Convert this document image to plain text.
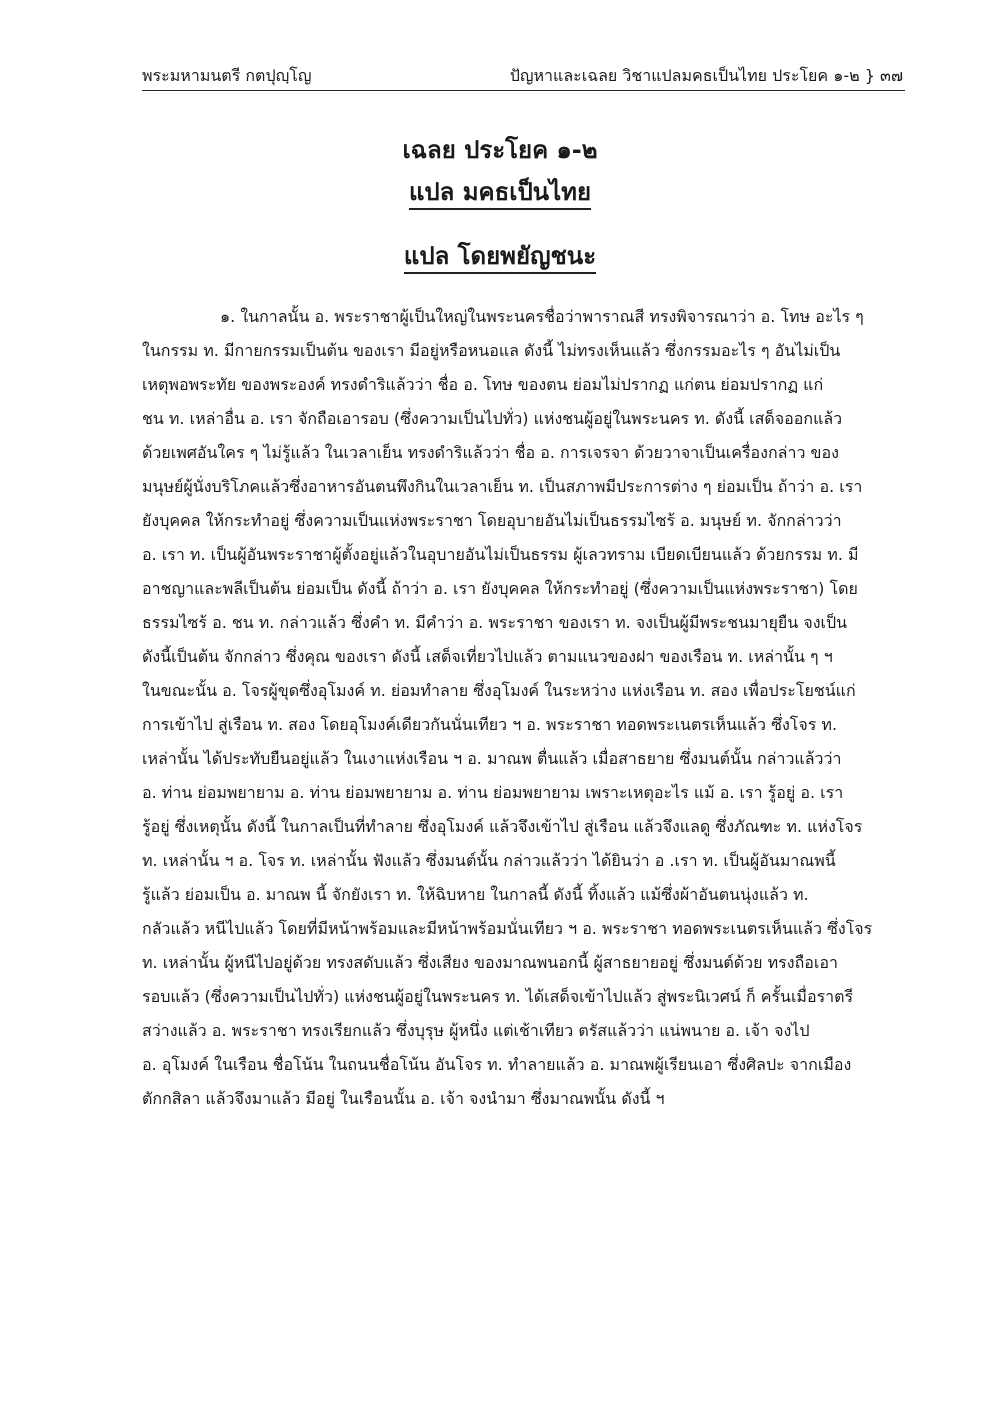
พระมหามนตรี กตปุญฺโญ	ปัญหาและเฉลย วิชาแปลมคธเป็นไทย ประโยค ๑-๒ } ๓๗
เฉลย ประโยค ๑-๒
แปล มคธเป็นไทย
แปล โดยพยัญชนะ
๑. ในกาลนั้น อ. พระราชาผู้เป็นใหญ่ในพระนครชื่อว่าพาราณสี ทรงพิจารณาว่า อ. โทษ อะไร ๆ
ในกรรม ท. มีกายกรรมเป็นต้น ของเรา มีอยู่หรือหนอแล ดังนี้ ไม่ทรงเห็นแล้ว ซึ่งกรรมอะไร ๆ อันไม่เป็น
เหตุพอพระทัย ของพระองค์ ทรงดำริแล้วว่า ชื่อ อ. โทษ ของตน ย่อมไม่ปรากฏ แก่ตน ย่อมปรากฏ แก่
ชน ท. เหล่าอื่น อ. เรา จักถือเอารอบ (ซึ่งความเป็นไปทั่ว) แห่งชนผู้อยู่ในพระนคร ท. ดังนี้ เสด็จออกแล้ว
ด้วยเพศอันใคร ๆ ไม่รู้แล้ว ในเวลาเย็น ทรงดำริแล้วว่า ชื่อ อ. การเจรจา ด้วยวาจาเป็นเครื่องกล่าว ของ
มนุษย์ผู้นั่งบริโภคแล้วซึ่งอาหารอันตนพึงกินในเวลาเย็น ท. เป็นสภาพมีประการต่าง ๆ ย่อมเป็น ถ้าว่า อ. เรา
ยังบุคคล ให้กระทำอยู่ ซึ่งความเป็นแห่งพระราชา โดยอุบายอันไม่เป็นธรรมไซร้ อ. มนุษย์ ท. จักกล่าวว่า
อ. เรา ท. เป็นผู้อันพระราชาผู้ตั้งอยู่แล้วในอุบายอันไม่เป็นธรรม ผู้เลวทราม เบียดเบียนแล้ว ด้วยกรรม ท. มี
อาชญาและพลีเป็นต้น ย่อมเป็น ดังนี้ ถ้าว่า อ. เรา ยังบุคคล ให้กระทำอยู่ (ซึ่งความเป็นแห่งพระราชา) โดย
ธรรมไซร้ อ. ชน ท. กล่าวแล้ว ซึ่งคำ ท. มีคำว่า อ. พระราชา ของเรา ท. จงเป็นผู้มีพระชนมายุยืน จงเป็น
ดังนี้เป็นต้น จักกล่าว ซึ่งคุณ ของเรา ดังนี้ เสด็จเที่ยวไปแล้ว ตามแนวของฝา ของเรือน ท. เหล่านั้น ๆ ฯ
ในขณะนั้น อ. โจรผู้ขุดซึ่งอุโมงค์ ท. ย่อมทำลาย ซึ่งอุโมงค์ ในระหว่าง แห่งเรือน ท. สอง เพื่อประโยชน์แก่
การเข้าไป สู่เรือน ท. สอง โดยอุโมงค์เดียวกันนั่นเทียว ฯ อ. พระราชา ทอดพระเนตรเห็นแล้ว ซึ่งโจร ท.
เหล่านั้น ได้ประทับยืนอยู่แล้ว ในเงาแห่งเรือน ฯ อ. มาณพ ตื่นแล้ว เมื่อสาธยาย ซึ่งมนต์นั้น กล่าวแล้วว่า
อ. ท่าน ย่อมพยายาม อ. ท่าน ย่อมพยายาม อ. ท่าน ย่อมพยายาม เพราะเหตุอะไร แม้ อ. เรา รู้อยู่ อ. เรา
รู้อยู่ ซึ่งเหตุนั้น ดังนี้ ในกาลเป็นที่ทำลาย ซึ่งอุโมงค์ แล้วจึงเข้าไป สู่เรือน แล้วจึงแลดู ซึ่งภัณฑะ ท. แห่งโจร
ท. เหล่านั้น ฯ อ. โจร ท. เหล่านั้น ฟังแล้ว ซึ่งมนต์นั้น กล่าวแล้วว่า ได้ยินว่า อ .เรา ท. เป็นผู้อันมาณพนี้
รู้แล้ว ย่อมเป็น อ. มาณพ นี้ จักยังเรา ท. ให้ฉิบหาย ในกาลนี้ ดังนี้ ทิ้งแล้ว แม้ซึ่งผ้าอันตนนุ่งแล้ว ท.
กลัวแล้ว หนีไปแล้ว โดยที่มีหน้าพร้อมและมีหน้าพร้อมนั่นเทียว ฯ อ. พระราชา ทอดพระเนตรเห็นแล้ว ซึ่งโจร
ท. เหล่านั้น ผู้หนีไปอยู่ด้วย ทรงสดับแล้ว ซึ่งเสียง ของมาณพนอกนี้ ผู้สาธยายอยู่ ซึ่งมนต์ด้วย ทรงถือเอา
รอบแล้ว (ซึ่งความเป็นไปทั่ว) แห่งชนผู้อยู่ในพระนคร ท. ได้เสด็จเข้าไปแล้ว สู่พระนิเวศน์ ก็ ครั้นเมื่อราตรี
สว่างแล้ว อ. พระราชา ทรงเรียกแล้ว ซึ่งบุรุษ ผู้หนึ่ง แต่เช้าเทียว ตรัสแล้วว่า แน่พนาย อ. เจ้า จงไป
อ. อุโมงค์ ในเรือน ชื่อโน้น ในถนนชื่อโน้น อันโจร ท. ทำลายแล้ว อ. มาณพผู้เรียนเอา ซึ่งศิลปะ จากเมือง
ตักกสิลา แล้วจึงมาแล้ว มีอยู่ ในเรือนนั้น อ. เจ้า จงนำมา ซึ่งมาณพนั้น ดังนี้ ฯ
